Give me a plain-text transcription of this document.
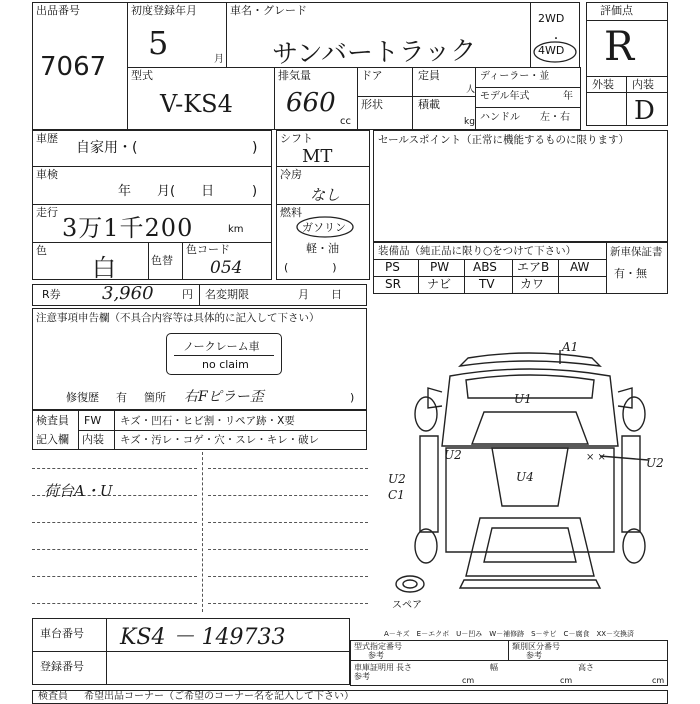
出品番号
7067
初度登録年月
5	月
車名・グレード
サンバートラック
2WD
・
4WD
評価点
R
外装 内装
D
型式
V-KS4
排気量
660
cc
ドア
形状
定員
人
積載
kg
ディーラー・並
モデル年式	年
ハンドル 左・右
車歴
自家用・(	)
車検
年　　月(　　日	)
走行
3万1千200	km
色
白	色替
色コード
054
シフト
MT
冷房
なし
燃料
ガソリン
軽・油
(　　　　)
セールスポイント（正常に機能するものに限ります）
装備品（純正品に限り○をつけて下さい）	新車保証書
有・無
PS	PW ABS エアB AW
SR ナビ TV カワ
R券 3,960	円 名変期限	月　　日
注意事項申告欄（不具合内容等は具体的に記入して下さい）
ノークレーム車
no claim
修復歴 有 箇所 右Fピラー歪	)
検査員
記入欄
FW キズ・凹石・ヒビ割・リペア跡・X要
内装 キズ・汚レ・コゲ・穴・スレ・キレ・破レ
荷台A・U
A1
U1
U2
U4
U2
U2
C1
× ×
スペア
A－キズ　E－エクボ　U－凹み　W－補修跡　S－サビ　C－腐食　XX－交換済
車台番号 KS4 － 149733
登録番号
型式指定番号
参考
類別区分番号
参考
車庫証明用参考
長さ
cm
幅
cm
高さ
cm
検査員 希望出品コーナー（ご希望のコーナー名を記入して下さい）
